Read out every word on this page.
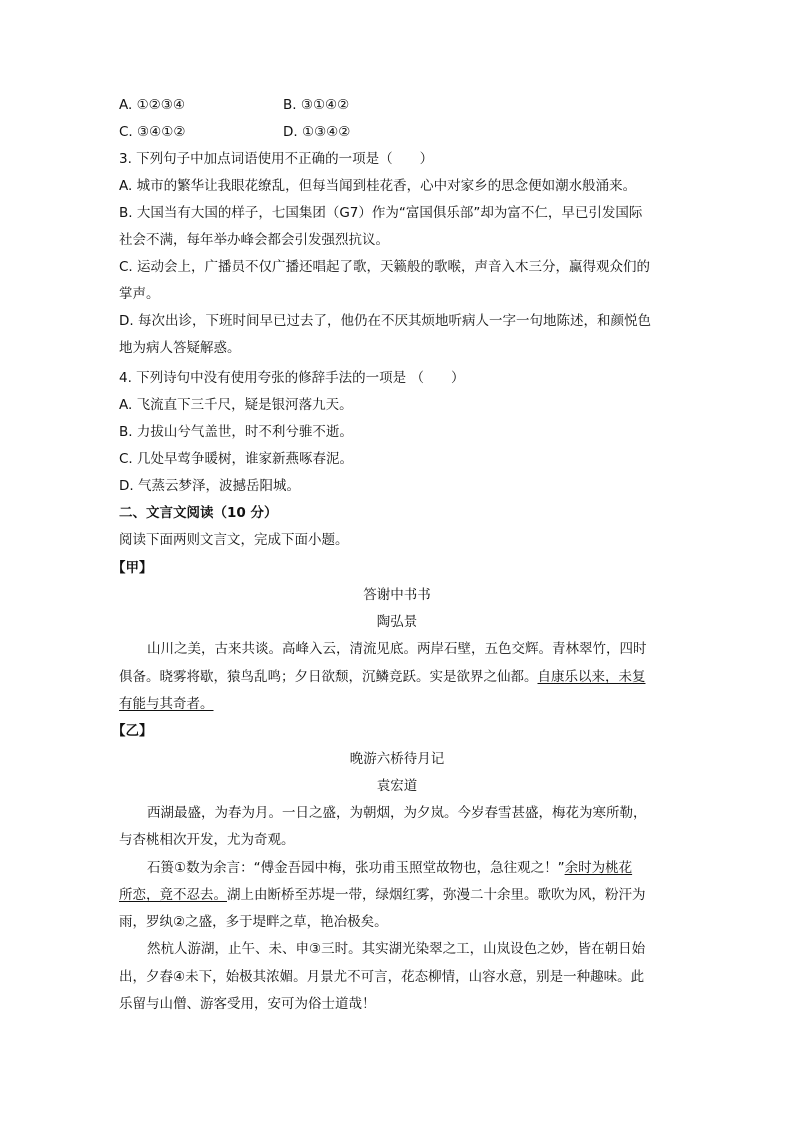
A. ①②③④	B. ③①④②
C. ③④①②	D. ①③④②
3. 下列句子中加点词语使用不正确的一项是（　　）
A. 城市的繁华让我眼花缭乱，但每当闻到桂花香，心中对家乡的思念便如潮水般涌来。
B. 大国当有大国的样子，七国集团（G7）作为“富国俱乐部”却为富不仁，早已引发国际
社会不满，每年举办峰会都会引发强烈抗议。
C. 运动会上，广播员不仅广播还唱起了歌，天籁般的歌喉，声音入木三分，赢得观众们的
掌声。
D. 每次出诊，下班时间早已过去了，他仍在不厌其烦地听病人一字一句地陈述，和颜悦色
地为病人答疑解惑。
4. 下列诗句中没有使用夸张的修辞手法的一项是 （　　）
A. 飞流直下三千尺，疑是银河落九天。
B. 力拔山兮气盖世，时不利兮骓不逝。
C. 几处早莺争暖树，谁家新燕啄春泥。
D. 气蒸云梦泽，波撼岳阳城。
二、文言文阅读（10 分）
阅读下面两则文言文，完成下面小题。
【甲】
答谢中书书
陶弘景
山川之美，古来共谈。高峰入云，清流见底。两岸石壁，五色交辉。青林翠竹，四时
俱备。晓雾将歇，猿鸟乱鸣；夕日欲颓，沉鳞竞跃。实是欲界之仙都。自康乐以来，未复
有能与其奇者。
【乙】
晚游六桥待月记
袁宏道
西湖最盛，为春为月。一日之盛，为朝烟，为夕岚。今岁春雪甚盛，梅花为寒所勒，
与杏桃相次开发，尤为奇观。
石篑①数为余言：“傅金吾园中梅，张功甫玉照堂故物也，急往观之！”余时为桃花
所恋，竟不忍去。湖上由断桥至苏堤一带，绿烟红雾，弥漫二十余里。歌吹为风，粉汗为
雨，罗纨②之盛，多于堤畔之草，艳冶极矣。
然杭人游湖，止午、未、申③三时。其实湖光染翠之工，山岚设色之妙，皆在朝日始
出，夕舂④未下，始极其浓媚。月景尤不可言，花态柳情，山容水意，别是一种趣味。此
乐留与山僧、游客受用，安可为俗士道哉！
